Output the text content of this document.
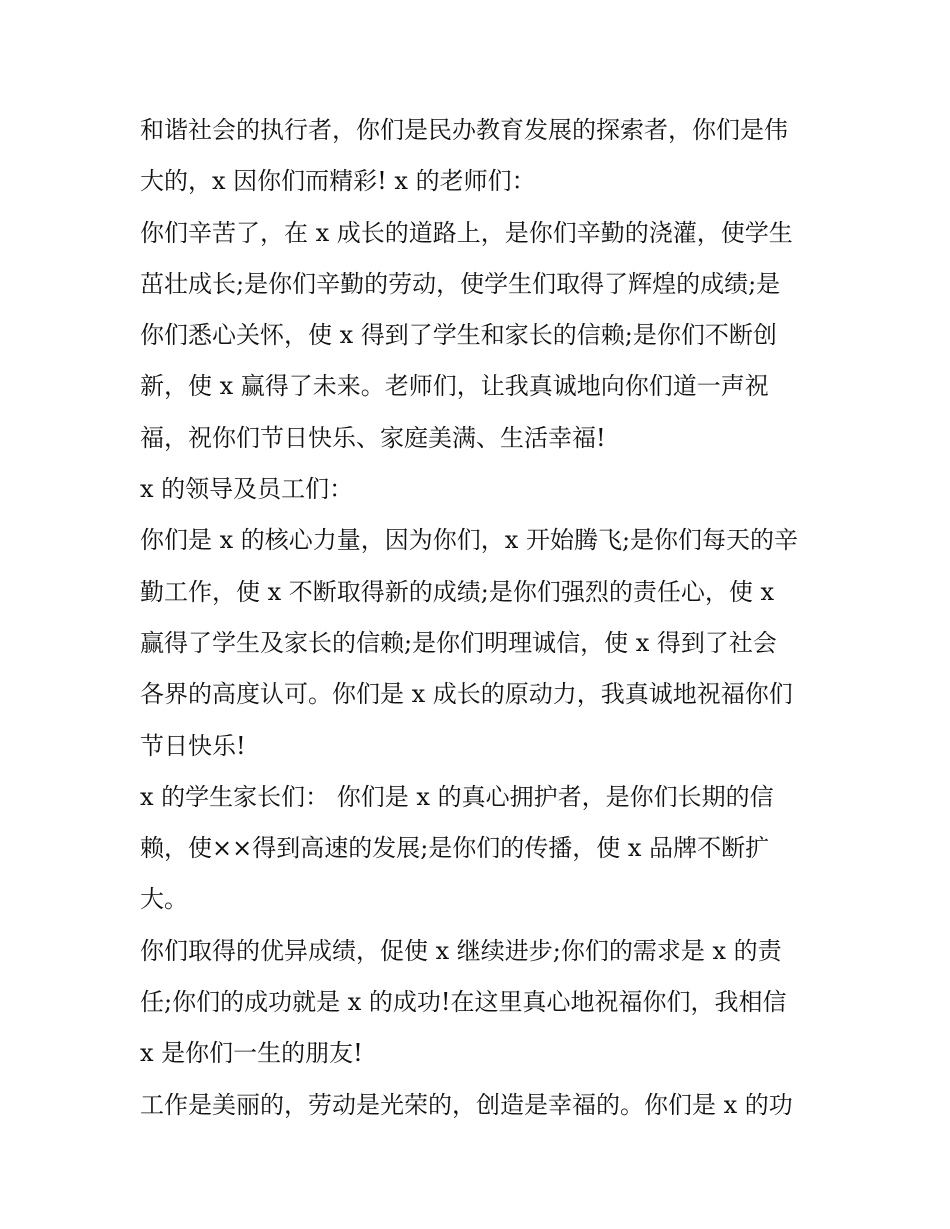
和谐社会的执行者，你们是民办教育发展的探索者，你们是伟
大的，x 因你们而精彩! x 的老师们：
你们辛苦了，在 x 成长的道路上，是你们辛勤的浇灌，使学生
茁壮成长;是你们辛勤的劳动，使学生们取得了辉煌的成绩;是
你们悉心关怀，使 x 得到了学生和家长的信赖;是你们不断创
新，使 x 赢得了未来。老师们，让我真诚地向你们道一声祝
福，祝你们节日快乐、家庭美满、生活幸福!
x 的领导及员工们：
你们是 x 的核心力量，因为你们，x 开始腾飞;是你们每天的辛
勤工作，使 x 不断取得新的成绩;是你们强烈的责任心，使 x
赢得了学生及家长的信赖;是你们明理诚信，使 x 得到了社会
各界的高度认可。你们是 x 成长的原动力，我真诚地祝福你们
节日快乐!
x 的学生家长们： 你们是 x 的真心拥护者，是你们长期的信
赖，使××得到高速的发展;是你们的传播，使 x 品牌不断扩
大。
你们取得的优异成绩，促使 x 继续进步;你们的需求是 x 的责
任;你们的成功就是 x 的成功!在这里真心地祝福你们，我相信
x 是你们一生的朋友!
工作是美丽的，劳动是光荣的，创造是幸福的。你们是 x 的功
